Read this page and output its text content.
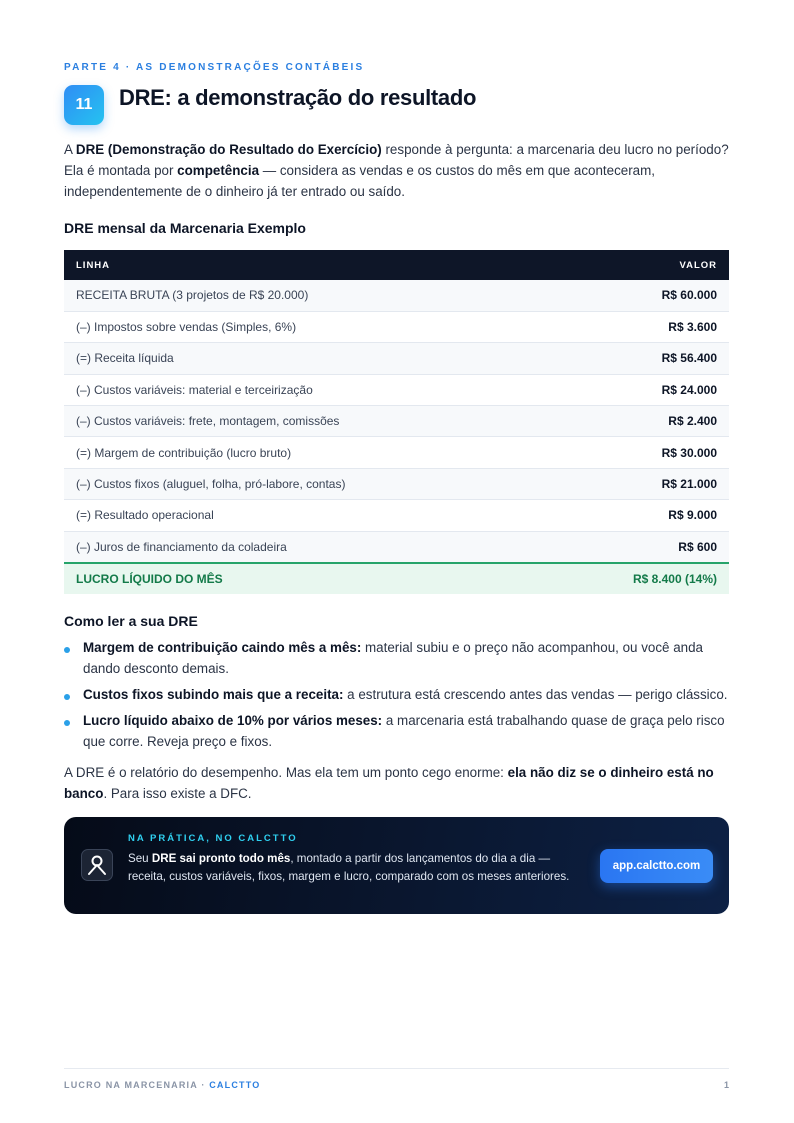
PARTE 4 · AS DEMONSTRAÇÕES CONTÁBEIS
11	DRE: a demonstração do resultado

A DRE (Demonstração do Resultado do Exercício) responde à pergunta: a marcenaria deu lucro no período? Ela é montada por competência — considera as vendas e os custos do mês em que aconteceram, independentemente de o dinheiro já ter entrado ou saído.

DRE mensal da Marcenaria Exemplo
LINHA	VALOR
RECEITA BRUTA (3 projetos de R$ 20.000)	R$ 60.000
(–) Impostos sobre vendas (Simples, 6%)	R$ 3.600
(=) Receita líquida	R$ 56.400
(–) Custos variáveis: material e terceirização	R$ 24.000
(–) Custos variáveis: frete, montagem, comissões	R$ 2.400
(=) Margem de contribuição (lucro bruto)	R$ 30.000
(–) Custos fixos (aluguel, folha, pró-labore, contas)	R$ 21.000
(=) Resultado operacional	R$ 9.000
(–) Juros de financiamento da coladeira	R$ 600
LUCRO LÍQUIDO DO MÊS	R$ 8.400 (14%)
Como ler a sua DRE
Margem de contribuição caindo mês a mês: material subiu e o preço não acompanhou, ou você anda dando desconto demais.
Custos fixos subindo mais que a receita: a estrutura está crescendo antes das vendas — perigo clássico.
Lucro líquido abaixo de 10% por vários meses: a marcenaria está trabalhando quase de graça pelo risco que corre. Reveja preço e fixos.

A DRE é o relatório do desempenho. Mas ela tem um ponto cego enorme: ela não diz se o dinheiro está no banco. Para isso existe a DFC.

NA PRÁTICA, NO CALCTTO

Seu DRE sai pronto todo mês, montado a partir dos lançamentos do dia a dia — receita, custos variáveis, fixos, margem e lucro, comparado com os meses anteriores.

app.calctto.com
LUCRO NA MARCENARIA · CALCTTO	1
